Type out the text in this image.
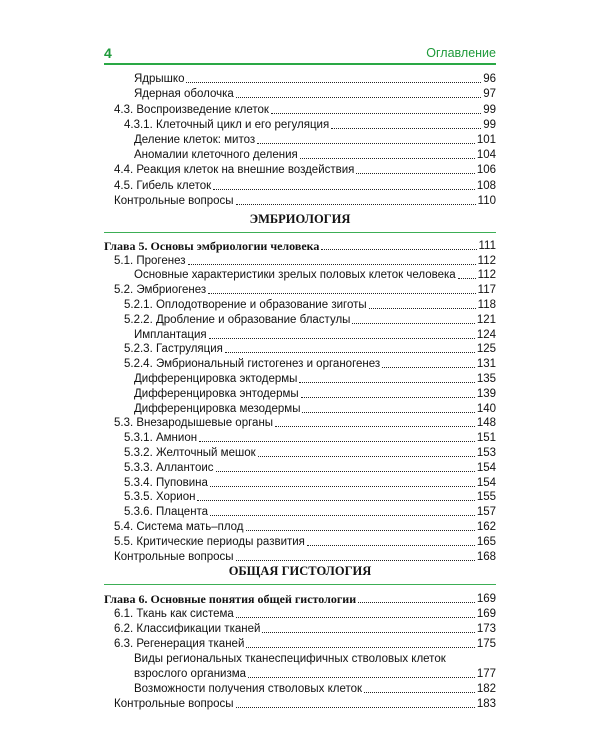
4	Оглавление
Ядрышко	96
Ядерная оболочка	97
4.3. Воспроизведение клеток	99
4.3.1. Клеточный цикл и его регуляция	99
Деление клеток: митоз	101
Аномалии клеточного деления	104
4.4. Реакция клеток на внешние воздействия	106
4.5. Гибель клеток	108
Контрольные вопросы	110
ЭМБРИОЛОГИЯ
Глава 5. Основы эмбриологии человека	111
5.1. Прогенез	112
Основные характеристики зрелых половых клеток человека 112
5.2. Эмбриогенез	117
5.2.1. Оплодотворение и образование зиготы	118
5.2.2. Дробление и образование бластулы	121
Имплантация	124
5.2.3. Гаструляция	125
5.2.4. Эмбриональный гистогенез и органогенез	131
Дифференцировка эктодермы	135
Дифференцировка энтодермы	139
Дифференцировка мезодермы	140
5.3. Внезародышевые органы	148
5.3.1. Амнион	151
5.3.2. Желточный мешок	153
5.3.3. Аллантоис	154
5.3.4. Пуповина	154
5.3.5. Хорион	155
5.3.6. Плацента	157
5.4. Система мать–плод	162
5.5. Критические периоды развития	165
Контрольные вопросы	168
ОБЩАЯ ГИСТОЛОГИЯ
Глава 6. Основные понятия общей гистологии	169
6.1. Ткань как система	169
6.2. Классификации тканей	173
6.3. Регенерация тканей	175
Виды региональных тканеспецифичных стволовых клеток
взрослого организма	177
Возможности получения стволовых клеток	182
Контрольные вопросы	183
